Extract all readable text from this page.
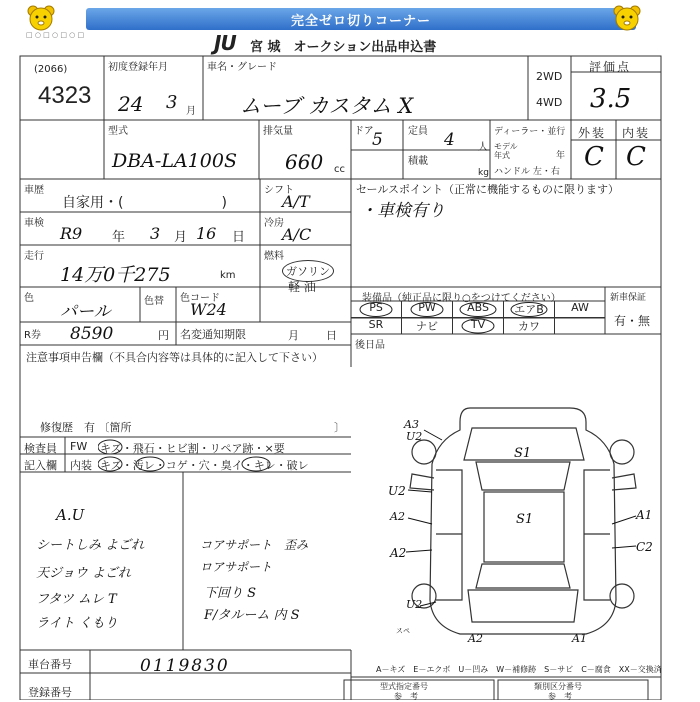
□ ○ □ ○ □ ○ □
完全ゼロ切りコーナー
JU 宮 城　オークション出品申込書
(2066)
4323
初度登録年月
24 3 月
車名・グレード
ムーブ カスタム X
2WD
4WD
評価点
3.5
型式
DBA-LA100S
排気量
660 cc
ドア
5	定員 4 人
積載
kg
ディーラー・並行
モデル年式	年
ハンドル 左・右
外装 内装
C C
車歴
自家用・(　　　　　　　)
シフト
A/T
セールスポイント（正常に機能するものに限ります）
・車検有り
車検
R9 年 3 月 16 日
冷房
A/C
走行
14万0千275	km
燃料
ガソリン
軽 油
色
パール
色替 色コード
W24
装備品（純正品に限り○をつけてください）	新車保証
PS	PW	ABS	エアB	AW
SR	ナビ	TV	カワ	有・無
R券 8590	円 名変通知期限	月 日
後日品
注意事項申告欄（不具合内容等は具体的に記入して下さい）
修復歴　有 〔箇所	〕
検査員
記入欄
FW キズ・飛石・ヒビ割・リペア跡・×要
内装 キズ・汚レ・コゲ・穴・臭イ・キレ・破レ
A.U
シートしみ よごれ
天ジョウ よごれ
フタツ ムレ T
ライト くもり
コアサポート　歪み
ロアサポート
下回り S
F/タルーム 内 S
A3
U2
S1
U2
A2	S1	A1
A2	C2
U2
A2	A1
スペ
A－キズ　E－エクボ　U－凹み　W－補修跡　S－サビ　C－腐食　XX－交換済
車台番号	0119830
登録番号	型式指定番号
参　考
類別区分番号
参　考
